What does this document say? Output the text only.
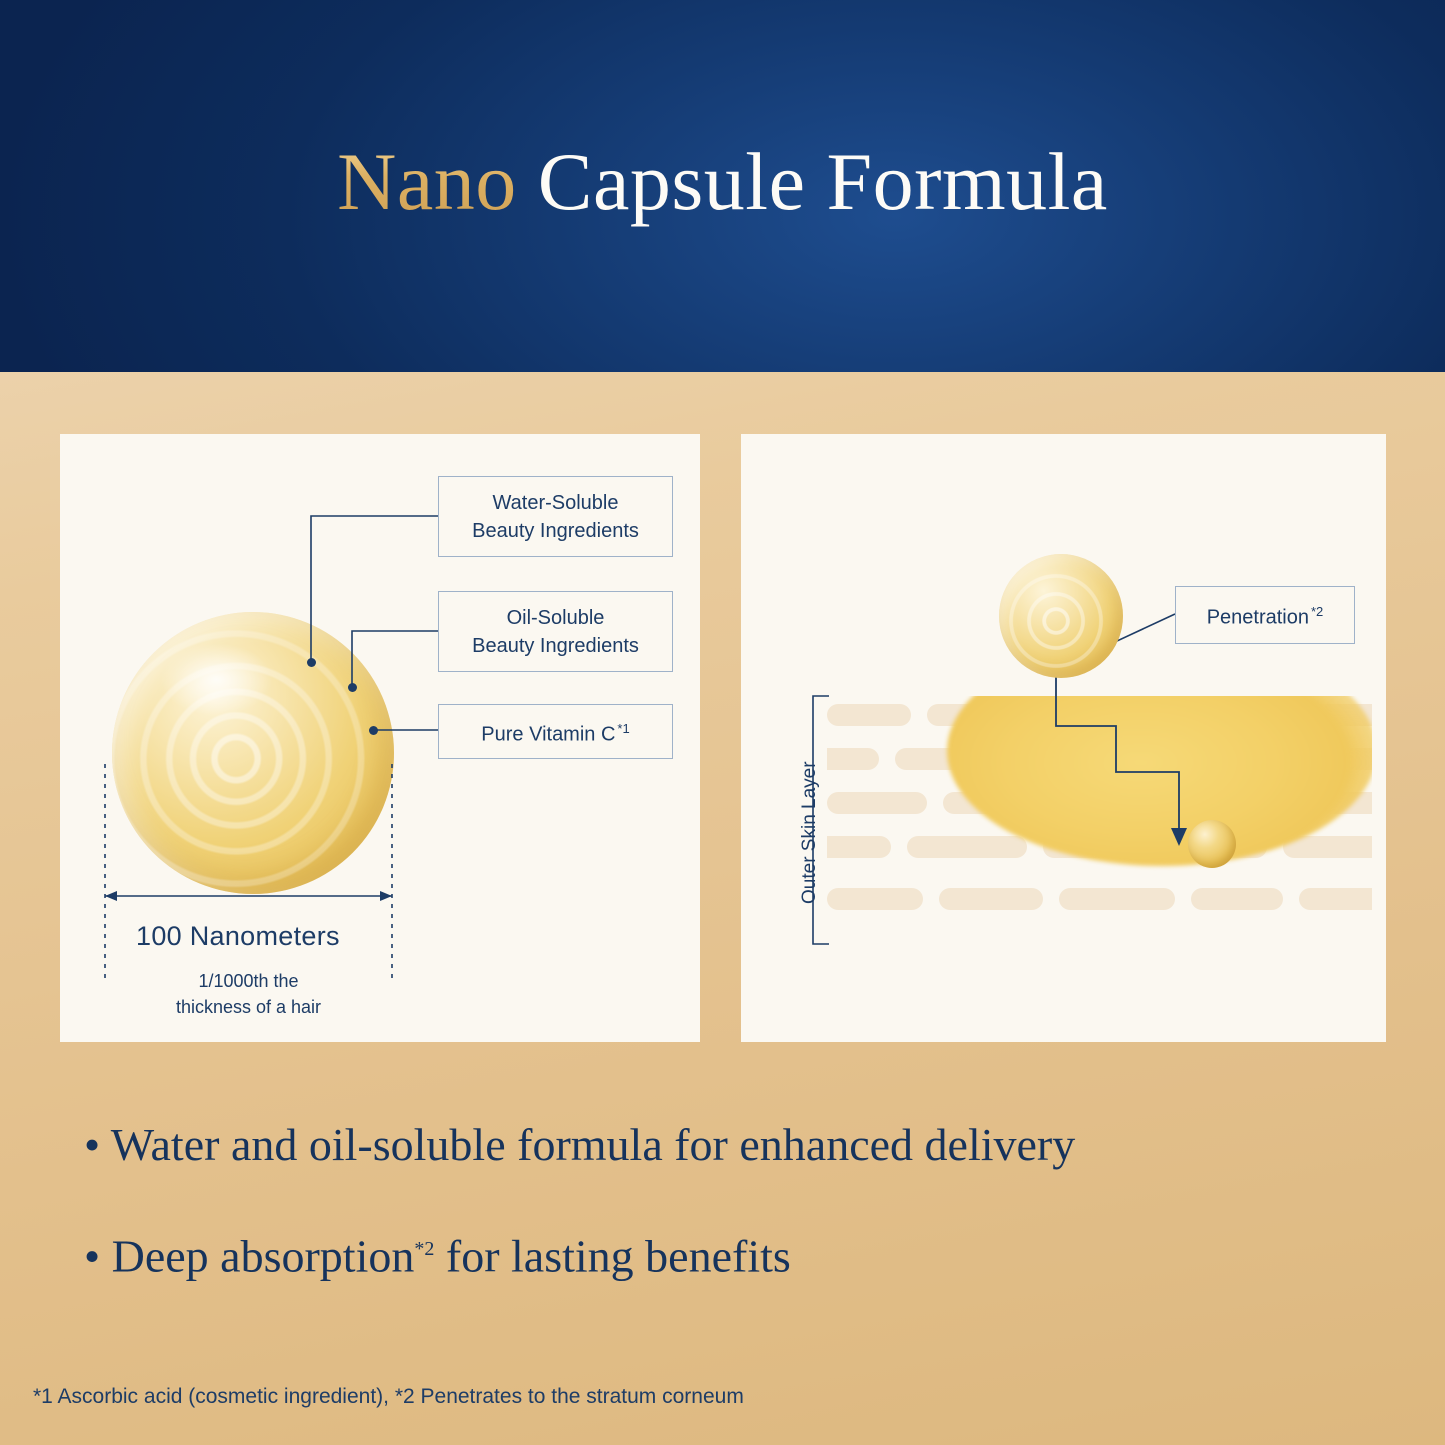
Nano Capsule Formula
Water-Soluble
Beauty Ingredients
Oil-Soluble
Beauty Ingredients
Pure Vitamin C $^{*1}$
100 Nanometers
1/1000th the
thickness of a hair
Outer Skin Layer
Penetration $^{*2}$
• Water and oil-soluble formula for enhanced delivery
• Deep absorption$^{*2}$ for lasting benefits
*1 Ascorbic acid (cosmetic ingredient), *2 Penetrates to the stratum corneum
